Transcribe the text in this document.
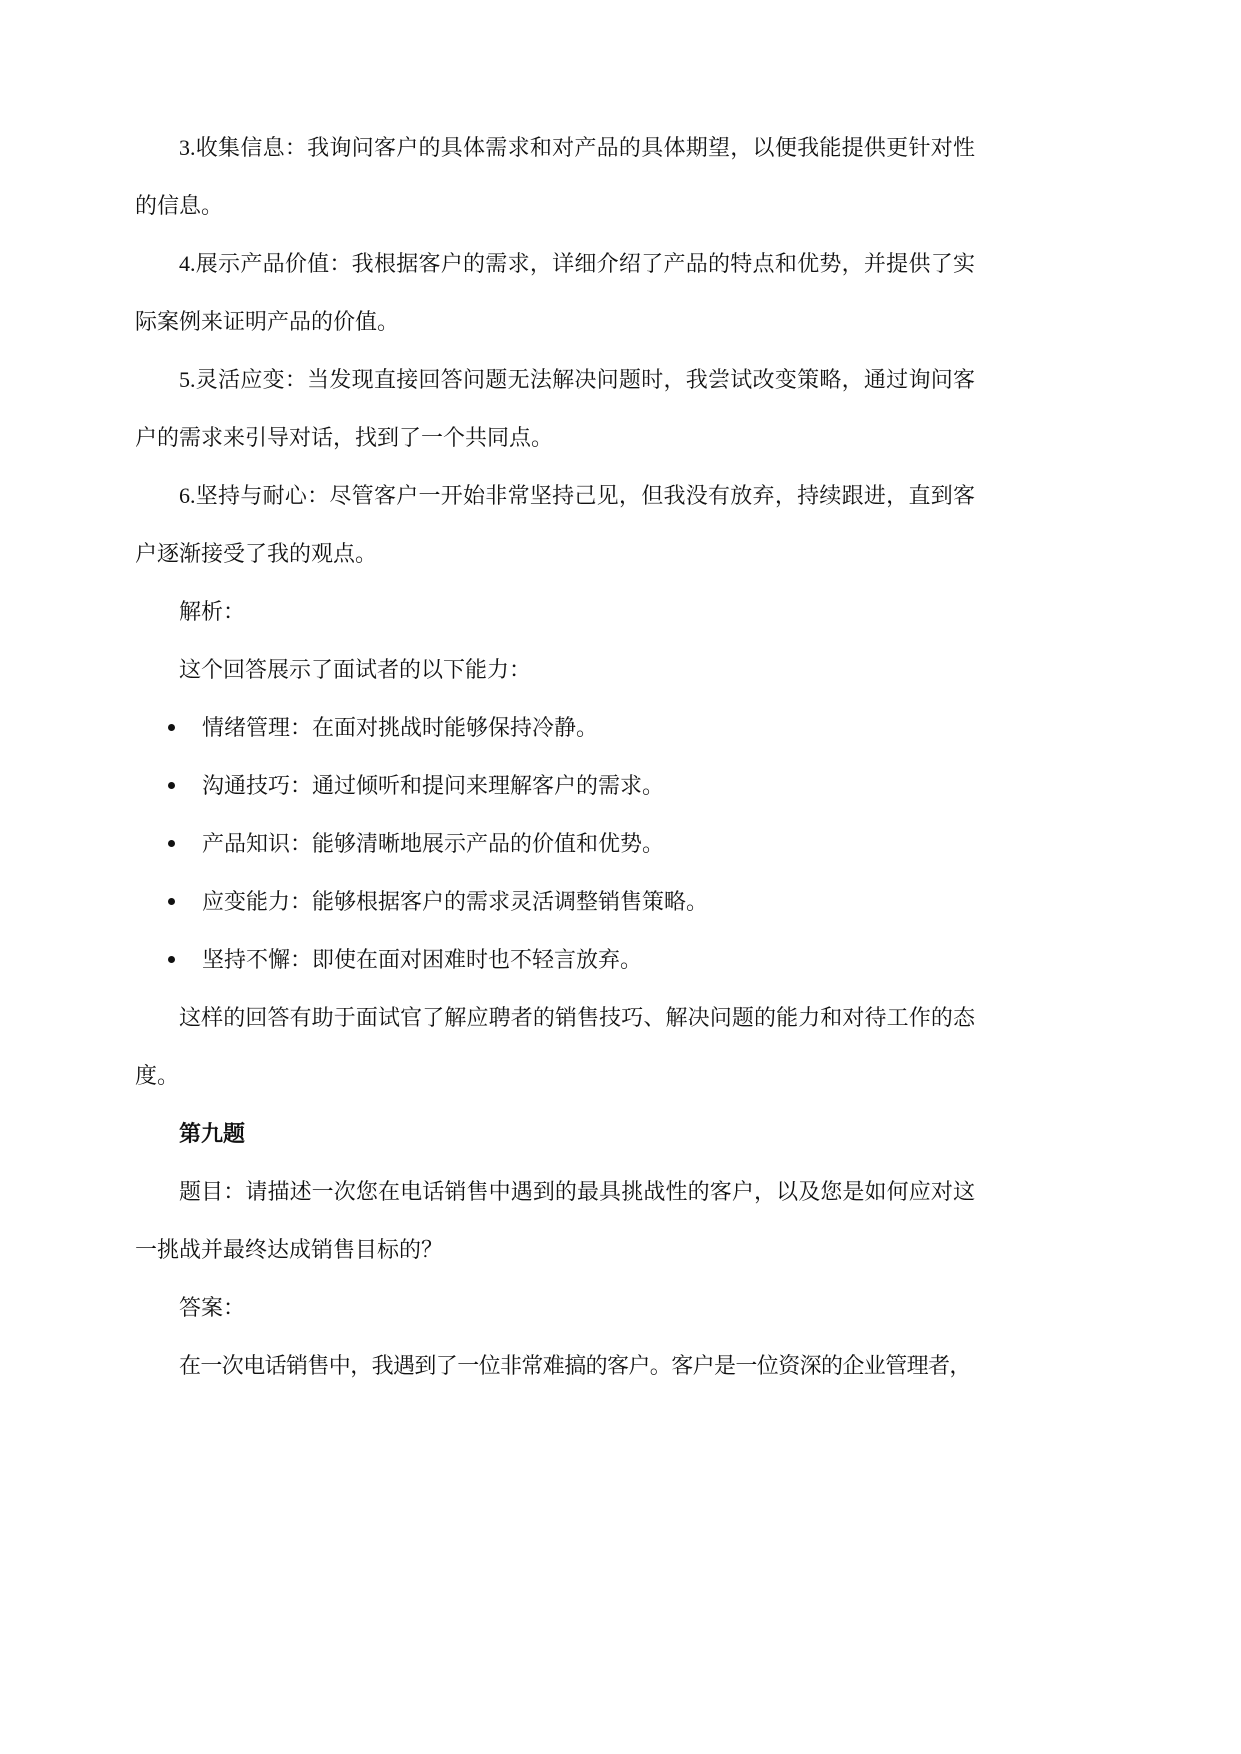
3.收集信息：我询问客户的具体需求和对产品的具体期望，以便我能提供更针对性的信息。

4.展示产品价值：我根据客户的需求，详细介绍了产品的特点和优势，并提供了实际案例来证明产品的价值。

5.灵活应变：当发现直接回答问题无法解决问题时，我尝试改变策略，通过询问客户的需求来引导对话，找到了一个共同点。

6.坚持与耐心：尽管客户一开始非常坚持己见，但我没有放弃，持续跟进，直到客户逐渐接受了我的观点。

解析：

这个回答展示了面试者的以下能力：

情绪管理：在面对挑战时能够保持冷静。
沟通技巧：通过倾听和提问来理解客户的需求。
产品知识：能够清晰地展示产品的价值和优势。
应变能力：能够根据客户的需求灵活调整销售策略。
坚持不懈：即使在面对困难时也不轻言放弃。

这样的回答有助于面试官了解应聘者的销售技巧、解决问题的能力和对待工作的态度。

第九题

题目：请描述一次您在电话销售中遇到的最具挑战性的客户，以及您是如何应对这一挑战并最终达成销售目标的？

答案：

在一次电话销售中，我遇到了一位非常难搞的客户。客户是一位资深的企业管理者，
